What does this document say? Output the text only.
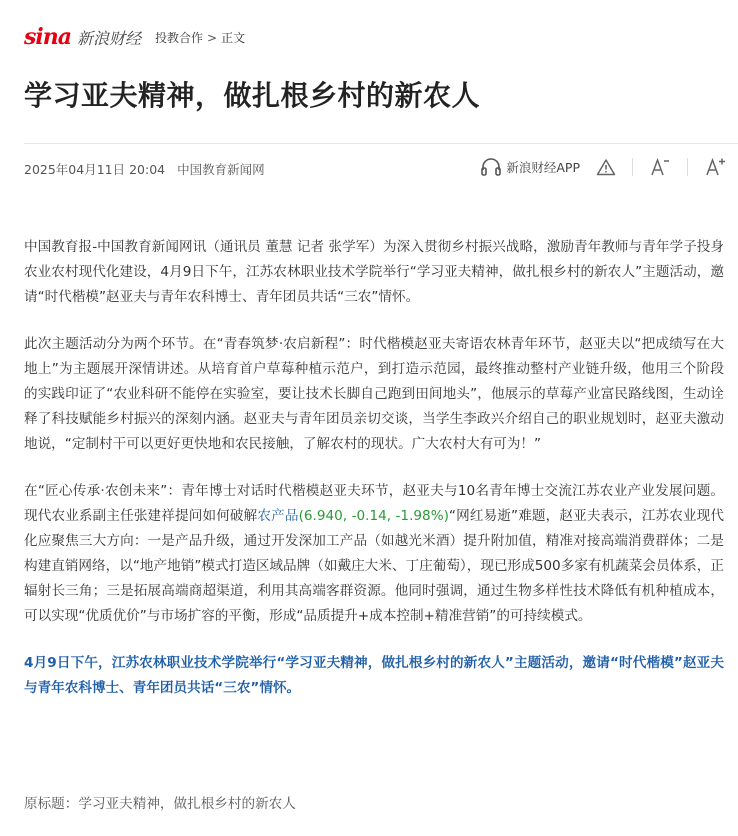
sina 新浪财经 投教合作 > 正文
学习亚夫精神，做扎根乡村的新农人
2025年04月11日 20:04 中国教育新闻网	新浪财经APP

中国教育报-中国教育新闻网讯（通讯员 董慧 记者 张学军）为深入贯彻乡村振兴战略，激励青年教师与青年学子投身农业农村现代化建设，4月9日下午，江苏农林职业技术学院举行“学习亚夫精神，做扎根乡村的新农人”主题活动，邀请“时代楷模”赵亚夫与青年农科博士、青年团员共话“三农”情怀。

此次主题活动分为两个环节。在“青春筑梦·农启新程”：时代楷模赵亚夫寄语农林青年环节，赵亚夫以“把成绩写在大地上”为主题展开深情讲述。从培育首户草莓种植示范户，到打造示范园，最终推动整村产业链升级，他用三个阶段的实践印证了“农业科研不能停在实验室，要让技术长脚自己跑到田间地头”，他展示的草莓产业富民路线图，生动诠释了科技赋能乡村振兴的深刻内涵。赵亚夫与青年团员亲切交谈，当学生李政兴介绍自己的职业规划时，赵亚夫激动地说，“定制村干可以更好更快地和农民接触，了解农村的现状。广大农村大有可为！”

在“匠心传承·农创未来”：青年博士对话时代楷模赵亚夫环节，赵亚夫与10名青年博士交流江苏农业产业发展问题。现代农业系副主任张建祥提问如何破解农产品(6.940, -0.14, -1.98%)“网红易逝”难题，赵亚夫表示，江苏农业现代化应聚焦三大方向：一是产品升级，通过开发深加工产品（如越光米酒）提升附加值，精准对接高端消费群体；二是构建直销网络，以“地产地销”模式打造区域品牌（如戴庄大米、丁庄葡萄），现已形成500多家有机蔬菜会员体系，正辐射长三角；三是拓展高端商超渠道，利用其高端客群资源。他同时强调，通过生物多样性技术降低有机种植成本，可以实现“优质优价”与市场扩容的平衡，形成“品质提升+成本控制+精准营销”的可持续模式。

4月9日下午，江苏农林职业技术学院举行“学习亚夫精神，做扎根乡村的新农人”主题活动，邀请“时代楷模”赵亚夫与青年农科博士、青年团员共话“三农”情怀。

原标题：学习亚夫精神，做扎根乡村的新农人
